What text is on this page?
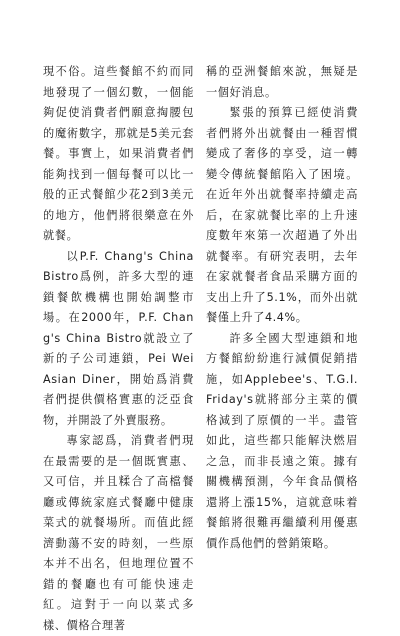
現不俗。這些餐館不約而同地發現了一個幻數，一個能夠促使消費者們願意掏腰包的魔術數字，那就是5美元套餐。事實上，如果消費者們能夠找到一個每餐可以比一般的正式餐館少花2到3美元的地方，他們將很樂意在外就餐。

以P.F. Chang's China Bistro爲例，許多大型的連鎖餐飲機構也開始調整市場。在2000年，P.F. Chang's China Bistro就設立了新的子公司連鎖，Pei Wei Asian Diner，開始爲消費者們提供價格實惠的泛亞食物，并開設了外賣服務。

專家認爲，消費者們現在最需要的是一個既實惠、又可信，并且糅合了高檔餐廳或傳統家庭式餐廳中健康菜式的就餐場所。而值此經濟動蕩不安的時刻，一些原本并不出名，但地理位置不錯的餐廳也有可能快速走紅。這對于一向以菜式多樣、價格合理著

稱的亞洲餐館來說，無疑是一個好消息。

緊張的預算已經使消費者們將外出就餐由一種習慣變成了奢侈的享受，這一轉變令傳統餐館陷入了困境。在近年外出就餐率持續走高后，在家就餐比率的上升速度數年來第一次超過了外出就餐率。有研究表明，去年在家就餐者食品采購方面的支出上升了5.1%，而外出就餐僅上升了4.4%。

許多全國大型連鎖和地方餐館紛紛進行減價促銷措施，如Applebee's、T.G.I. Friday's就將部分主菜的價格減到了原價的一半。盡管如此，這些都只能解決燃眉之急，而非長遠之策。據有關機構預測，今年食品價格還將上漲15%，這就意味着餐館將很難再繼續利用優惠價作爲他們的營銷策略。
